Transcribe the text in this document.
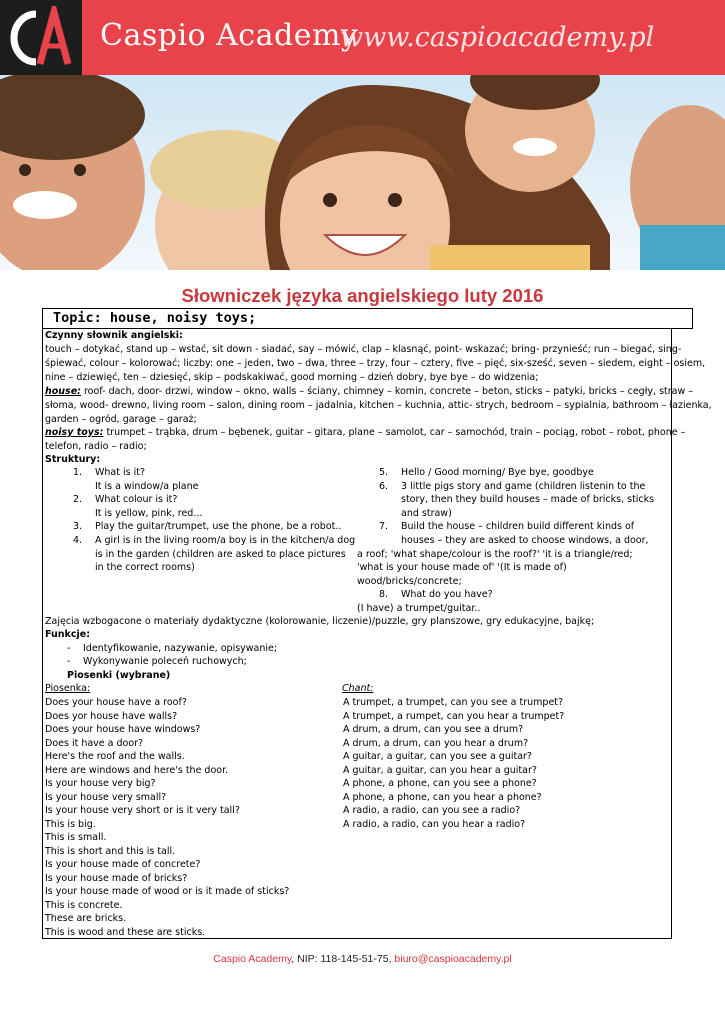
Caspio Academy
www.caspioacademy.pl
Słowniczek języka angielskiego luty 2016
Topic: house, noisy toys;
Czynny słownik angielski:
touch – dotykać, stand up – wstać, sit down - siadać, say – mówić, clap – klasnąć, point- wskazać; bring- przynieść; run – biegać, sing-
śpiewać, colour – kolorować; liczby: one – jeden, two – dwa, three – trzy, four – cztery, five – pięć, six-sześć, seven – siedem, eight – osiem,
nine – dziewięć, ten – dziesięć, skip – podskakiwać, good morning – dzień dobry, bye bye – do widzenia;
house: roof- dach, door- drzwi, window – okno, walls – ściany, chimney – komin, concrete – beton, sticks – patyki, bricks – cegły, straw –
słoma, wood- drewno, living room – salon, dining room – jadalnia, kitchen – kuchnia, attic- strych, bedroom – sypialnia, bathroom – łazienka,
garden – ogród, garage – garaż;
noisy toys: trumpet – trąbka, drum – bębenek, guitar – gitara, plane – samolot, car – samochód, train – pociąg, robot – robot, phone –
telefon, radio – radio;
Struktury:
1. What is it?
It is a window/a plane
2. What colour is it?
It is yellow, pink, red...
3. Play the guitar/trumpet, use the phone, be a robot..
4. A girl is in the living room/a boy is in the kitchen/a dog
is in the garden (children are asked to place pictures
in the correct rooms)
5. Hello / Good morning/ Bye bye, goodbye
6. 3 little pigs story and game (children listenin to the
story, then they build houses – made of bricks, sticks
and straw)
7. Build the house – children build different kinds of
houses – they are asked to choose windows, a door,
a roof; 'what shape/colour is the roof?' 'it is a triangle/red;
'what is your house made of' '(It is made of)
wood/bricks/concrete;
8. What do you have?
(I have) a trumpet/guitar..
Zajęcia wzbogacone o materiały dydaktyczne (kolorowanie, liczenie)/puzzle, gry planszowe, gry edukacyjne, bajkę;
Funkcje:
- Identyfikowanie, nazywanie, opisywanie;
- Wykonywanie poleceń ruchowych;
Piosenki (wybrane)
Piosenka:	Chant:
Does your house have a roof?
Does yor house have walls?
Does your house have windows?
Does it have a door?
Here's the roof and the walls.
Here are windows and here's the door.
Is your house very big?
Is your house very small?
Is your house very short or is it very tall?
This is big.
This is small.
This is short and this is tall.
Is your house made of concrete?
Is your house made of bricks?
Is your house made of wood or is it made of sticks?
This is concrete.
These are bricks.
This is wood and these are sticks.
A trumpet, a trumpet, can you see a trumpet?
A trumpet, a rumpet, can you hear a trumpet?
A drum, a drum, can you see a drum?
A drum, a drum, can you hear a drum?
A guitar, a guitar, can you see a guitar?
A guitar, a guitar, can you hear a guitar?
A phone, a phone, can you see a phone?
A phone, a phone, can you hear a phone?
A radio, a radio, can you see a radio?
A radio, a radio, can you hear a radio?
Caspio Academy, NIP: 118-145-51-75, biuro@caspioacademy.pl
